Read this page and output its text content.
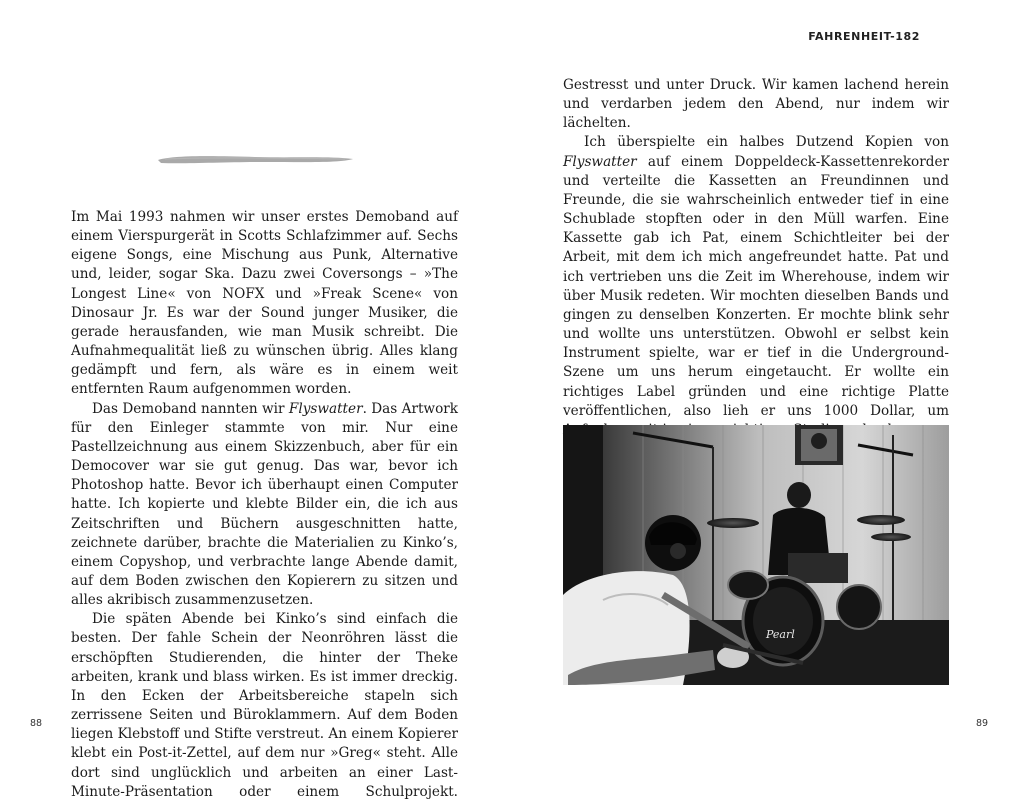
Im Mai 1993 nahmen wir unser erstes Demoband auf einem Vierspurgerät in Scotts Schlafzimmer auf. Sechs eigene Songs, eine Mischung aus Punk, Alternative und, leider, sogar Ska. Dazu zwei Coversongs – »The Longest Line« von NOFX und »Freak Scene« von Dinosaur Jr. Es war der Sound junger Musiker, die gerade herausfanden, wie man Musik schreibt. Die Aufnahmequalität ließ zu wünschen übrig. Alles klang gedämpft und fern, als wäre es in einem weit entfernten Raum aufgenommen worden.

Das Demoband nannten wir Flyswatter. Das Artwork für den Einleger stammte von mir. Nur eine Pastellzeichnung aus einem Skizzenbuch, aber für ein Democover war sie gut genug. Das war, bevor ich Photoshop hatte. Bevor ich überhaupt einen Computer hatte. Ich kopierte und klebte Bilder ein, die ich aus Zeitschriften und Büchern ausgeschnitten hatte, zeichnete darüber, brachte die Materialien zu Kinko’s, einem Copyshop, und verbrachte lange Abende damit, auf dem Boden zwischen den Kopierern zu sitzen und alles akribisch zusammenzusetzen.

Die späten Abende bei Kinko’s sind einfach die besten. Der fahle Schein der Neonröhren lässt die erschöpften Studierenden, die hinter der Theke arbeiten, krank und blass wirken. Es ist immer dreckig. In den Ecken der Arbeitsbereiche stapeln sich zerrissene Seiten und Büroklammern. Auf dem Boden liegen Klebstoff und Stifte verstreut. An einem Kopierer klebt ein Post-it-Zettel, auf dem nur »Greg« steht. Alle dort sind unglücklich und arbeiten an einer Last-Minute-Präsentation oder einem Schulprojekt.

88
FAHRENHEIT-182

Gestresst und unter Druck. Wir kamen lachend herein und verdarben jedem den Abend, nur indem wir lächelten.

Ich überspielte ein halbes Dutzend Kopien von Flyswatter auf einem Doppeldeck-Kassettenrekorder und verteilte die Kassetten an Freundinnen und Freunde, die sie wahrscheinlich entweder tief in eine Schublade stopften oder in den Müll warfen. Eine Kassette gab ich Pat, einem Schichtleiter bei der Arbeit, mit dem ich mich angefreundet hatte. Pat und ich vertrieben uns die Zeit im Wherehouse, indem wir über Musik redeten. Wir mochten dieselben Bands und gingen zu denselben Konzerten. Er mochte blink sehr und wollte uns unterstützen. Obwohl er selbst kein Instrument spielte, war er tief in die Underground-Szene um uns herum eingetaucht. Er wollte ein richtiges Label gründen und eine richtige Platte veröffentlichen, also lieh er uns 1000 Dollar, um

Pearl
89
